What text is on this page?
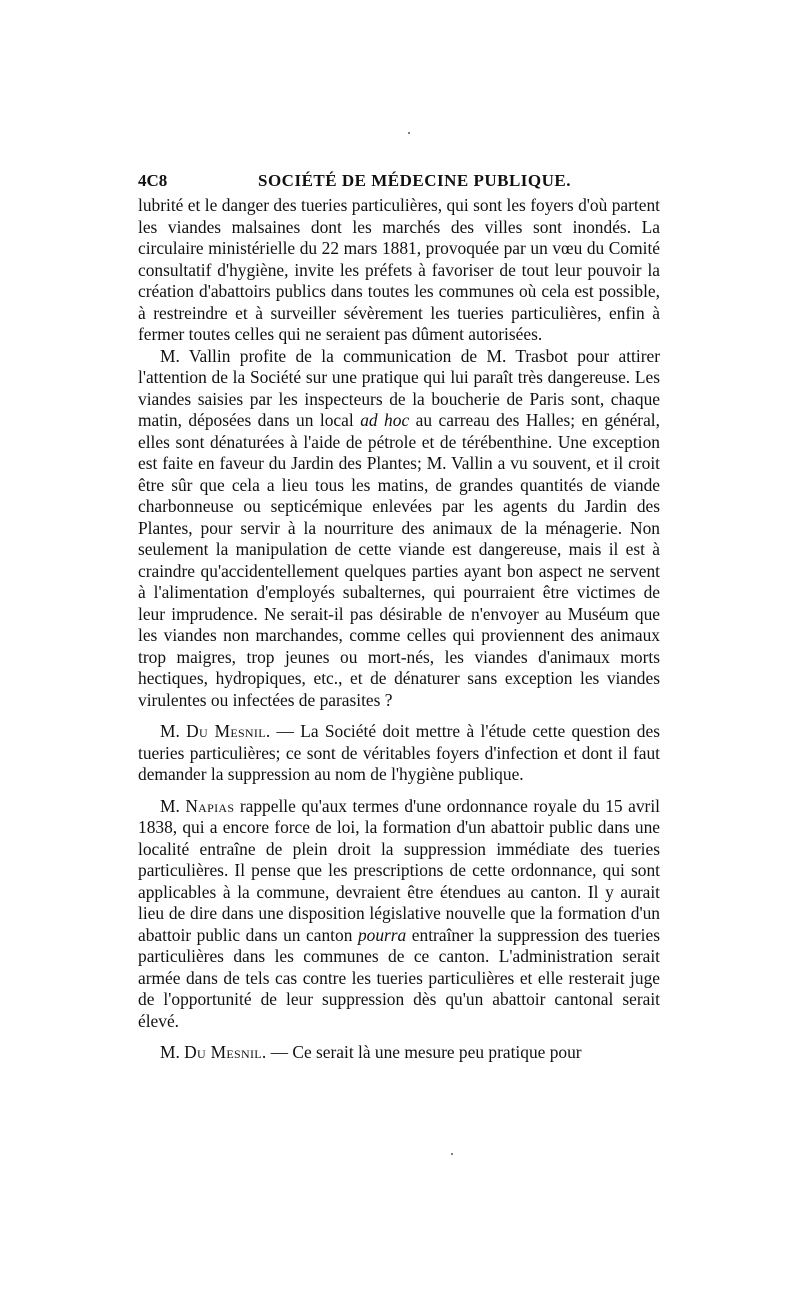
4C8	SOCIÉTÉ DE MÉDECINE PUBLIQUE.

lubrité et le danger des tueries particulières, qui sont les foyers d'où partent les viandes malsaines dont les marchés des villes sont inondés. La circulaire ministérielle du 22 mars 1881, provoquée par un vœu du Comité consultatif d'hygiène, invite les préfets à favoriser de tout leur pouvoir la création d'abattoirs publics dans toutes les communes où cela est possible, à restreindre et à surveiller sévèrement les tueries particulières, enfin à fermer toutes celles qui ne seraient pas dûment autorisées.

M. Vallin profite de la communication de M. Trasbot pour attirer l'attention de la Société sur une pratique qui lui paraît très dangereuse. Les viandes saisies par les inspecteurs de la boucherie de Paris sont, chaque matin, déposées dans un local ad hoc au carreau des Halles; en général, elles sont dénaturées à l'aide de pétrole et de térébenthine. Une exception est faite en faveur du Jardin des Plantes; M. Vallin a vu souvent, et il croit être sûr que cela a lieu tous les matins, de grandes quantités de viande charbonneuse ou septicémique enlevées par les agents du Jardin des Plantes, pour servir à la nourriture des animaux de la ménagerie. Non seulement la manipulation de cette viande est dangereuse, mais il est à craindre qu'accidentellement quelques parties ayant bon aspect ne servent à l'alimentation d'employés subalternes, qui pourraient être victimes de leur imprudence. Ne serait-il pas désirable de n'envoyer au Muséum que les viandes non marchandes, comme celles qui proviennent des animaux trop maigres, trop jeunes ou mort-nés, les viandes d'animaux morts hectiques, hydropiques, etc., et de dénaturer sans exception les viandes virulentes ou infectées de parasites ?

M. Du Mesnil. — La Société doit mettre à l'étude cette question des tueries particulières; ce sont de véritables foyers d'infection et dont il faut demander la suppression au nom de l'hygiène publique.

M. Napias rappelle qu'aux termes d'une ordonnance royale du 15 avril 1838, qui a encore force de loi, la formation d'un abattoir public dans une localité entraîne de plein droit la suppression immédiate des tueries particulières. Il pense que les prescriptions de cette ordonnance, qui sont applicables à la commune, devraient être étendues au canton. Il y aurait lieu de dire dans une disposition législative nouvelle que la formation d'un abattoir public dans un canton pourra entraîner la suppression des tueries particulières dans les communes de ce canton. L'administration serait armée dans de tels cas contre les tueries particulières et elle resterait juge de l'opportunité de leur suppression dès qu'un abattoir cantonal serait élevé.

M. Du Mesnil. — Ce serait là une mesure peu pratique pour
